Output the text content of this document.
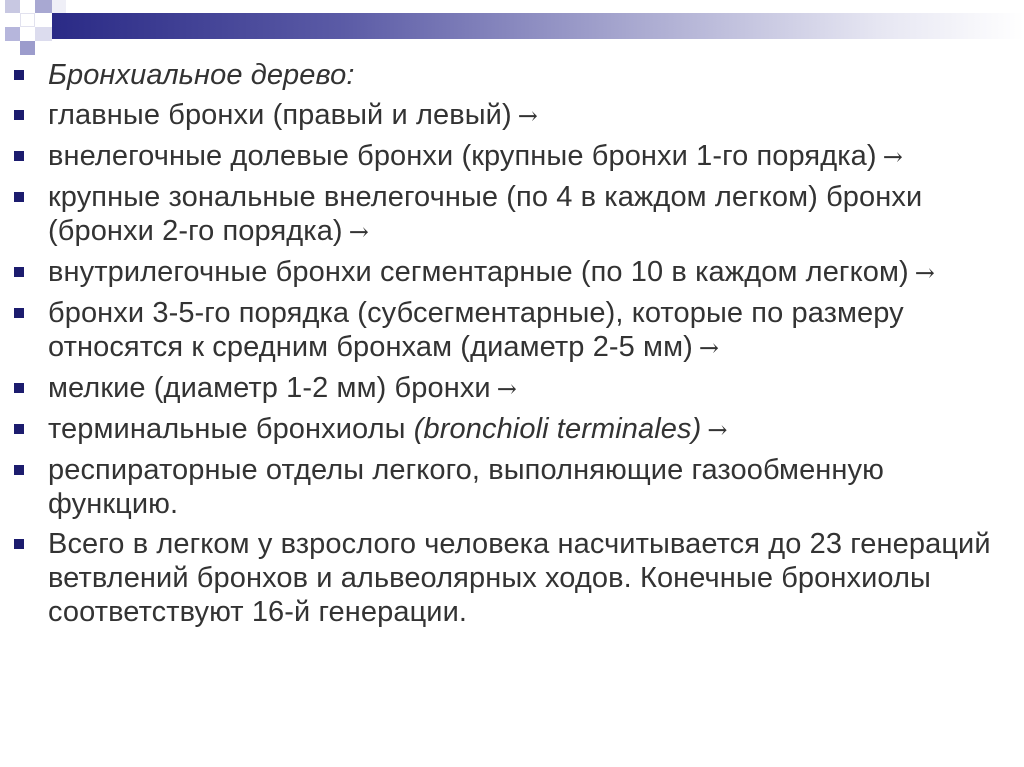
Бронхиальное дерево:
главные бронхи (правый и левый) →
внелегочные долевые бронхи (крупные бронхи 1-го порядка) →
крупные зональные внелегочные (по 4 в каждом легком) бронхи (бронхи 2-го порядка) →
внутрилегочные бронхи сегментарные (по 10 в каждом легком) →
бронхи 3-5-го порядка (субсегментарные), которые по размеру относятся к средним бронхам (диаметр 2-5 мм) →
мелкие (диаметр 1-2 мм) бронхи →
терминальные бронхиолы (bronchioli terminales) →
респираторные отделы легкого, выполняющие газообменную функцию.
Всего в легком у взрослого человека насчитывается до 23 генераций ветвлений бронхов и альвеолярных ходов. Конечные бронхиолы соответствуют 16-й генерации.
